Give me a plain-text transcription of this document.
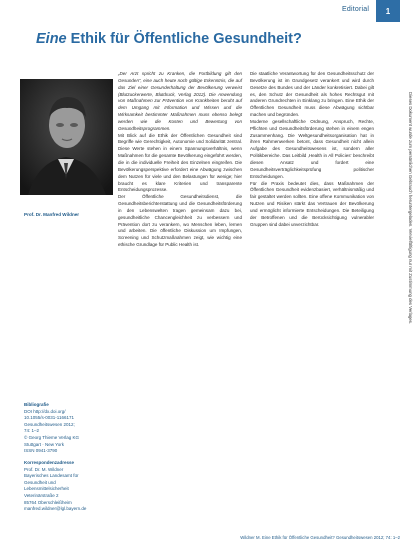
Editorial 1
Eine Ethik für Öffentliche Gesundheit?
Prof. Dr. Manfred Wildner
Bibliografie
DOI http://dx.doi.org/
10.1055/s-0031-1166171
Gesundheitswesen 2012;
74: 1–2
© Georg Thieme Verlag KG
Stuttgart · New York
ISSN 0941-3790
Korrespondenzadresse
Prof. Dr. M. Wildner
Bayerisches Landesamt für
Gesundheit und
Lebensmittelsicherheit
Veterinärstraße 2
85764 Oberschleißheim
manfred.wildner@lgl.bayern.de

„Der Arzt spricht zu Kranken, die Fortbildung gilt den Gesunden“, eine auch heute noch gültige Erkenntnis, die auf das Ziel einer Gesunderhaltung der Bevölkerung verweist (Blutzuckerwerte, Blutdruck, Verlag 2012). Die Anwendung von Maßnahmen zur Prävention von Krankheiten beruht auf dem Umgang mit Information und Wissen und die Wirksamkeit bestimmter Maßnahmen muss ebenso belegt werden wie die Kosten und Bewertung von Gesundheitsprogrammen.

Mit Blick auf die Ethik der Öffentlichen Gesundheit sind Begriffe wie Gerechtigkeit, Autonomie und Solidarität zentral. Diese Werte stehen in einem Spannungsverhältnis, wenn Maßnahmen für die gesamte Bevölkerung eingeführt werden, die in die individuelle Freiheit des Einzelnen eingreifen. Die Bevölkerungsperspektive erfordert eine Abwägung zwischen dem Nutzen für viele und den Belastungen für wenige; hier braucht es klare Kriterien und transparente Entscheidungsprozesse.

Der Öffentliche Gesundheitsdienst, die Gesundheitsberichterstattung und die Gesundheitsförderung in den Lebenswelten tragen gemeinsam dazu bei, gesundheitliche Chancengleichheit zu verbessern und Prävention dort zu verankern, wo Menschen leben, lernen und arbeiten. Die öffentliche Diskussion um Impfungen, Screening und Schutzmaßnahmen zeigt, wie wichtig eine ethische Grundlage für Public Health ist.

Die staatliche Verantwortung für den Gesundheitsschutz der Bevölkerung ist im Grundgesetz verankert und wird durch Gesetze des Bundes und der Länder konkretisiert. Dabei gilt es, den Schutz der Gesundheit als hohes Rechtsgut mit anderen Grundrechten in Einklang zu bringen. Eine Ethik der Öffentlichen Gesundheit muss diese Abwägung sichtbar machen und begründen.

Moderne gesellschaftliche Ordnung, Anspruch, Rechte, Pflichten und Gesundheitsförderung stehen in einem engen Zusammenhang. Die Weltgesundheitsorganisation hat in ihren Rahmenwerken betont, dass Gesundheit nicht allein Aufgabe des Gesundheitswesens ist, sondern aller Politikbereiche. Das Leitbild ‚Health in All Policies‘ beschreibt diesen Ansatz und fordert eine Gesundheitsverträglichkeitsprüfung politischer Entscheidungen.

Für die Praxis bedeutet dies, dass Maßnahmen der Öffentlichen Gesundheit evidenzbasiert, verhältnismäßig und fair gestaltet werden sollten. Eine offene Kommunikation von Nutzen und Risiken stärkt das Vertrauen der Bevölkerung und ermöglicht informierte Entscheidungen. Die Beteiligung der Betroffenen und die Berücksichtigung vulnerabler Gruppen sind dabei unverzichtbar.	Dieses Dokument wurde zum persönlichen Gebrauch heruntergeladen. Vervielfältigung nur mit Zustimmung des Verlages.
Wildner M. Eine Ethik für Öffentliche Gesundheit? Gesundheitswesen 2012; 74: 1–2
